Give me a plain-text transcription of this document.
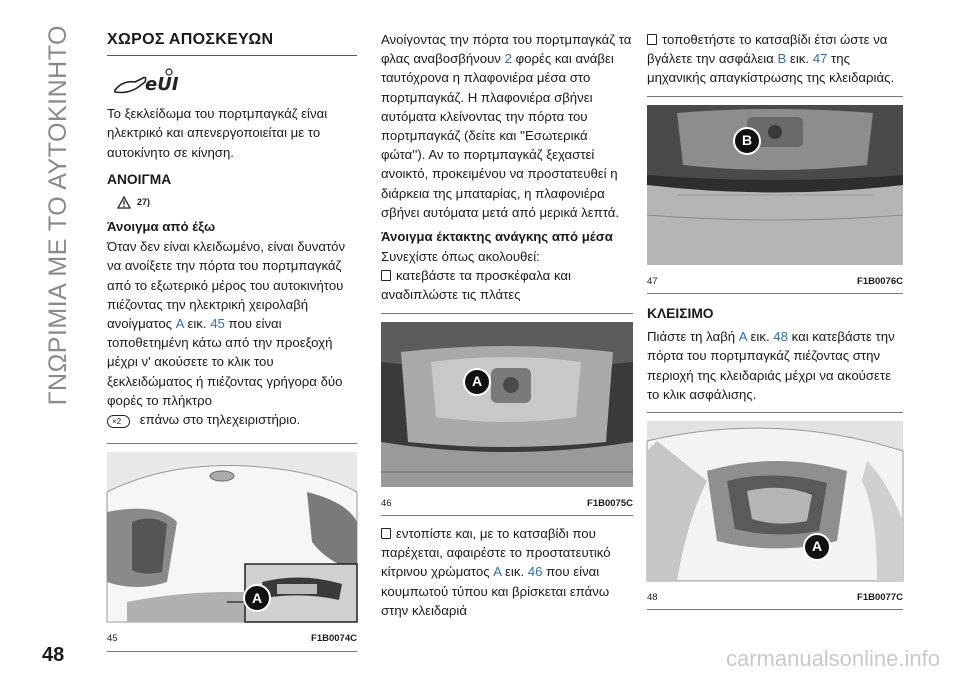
ΓΝΩΡΙΜΙΑ ΜΕ ΤΟ ΑΥΤΟΚΙΝΗΤΟ ΧΩΡΟΣ ΑΠΟΣΚΕΥΩΝ
eUI

Το ξεκλείδωμα του πορτμπαγκάζ είναι ηλεκτρικό και απενεργοποιείται με το αυτοκίνητο σε κίνηση.

ΑΝΟΙΓΜΑ
27)
Άνοιγμα από έξω

Όταν δεν είναι κλειδωμένο, είναι δυνατόν να ανοίξετε την πόρτα του πορτμπαγκάζ από το εξωτερικό μέρος του αυτοκινήτου πιέζοντας την ηλεκτρική χειρολαβή ανοίγματος A εικ. 45 που είναι τοποθετημένη κάτω από την προεξοχή μέχρι ν' ακούσετε το κλικ του ξεκλειδώματος ή πιέζοντας γρήγορα δύο φορές το πλήκτρο

×2 επάνω στο τηλεχειριστήριο.

A
45	F1B0074C

Ανοίγοντας την πόρτα του πορτμπαγκάζ τα φλας αναβοσβήνουν 2 φορές και ανάβει ταυτόχρονα η πλαφονιέρα μέσα στο πορτμπαγκάζ. Η πλαφονιέρα σβήνει αυτόματα κλείνοντας την πόρτα του πορτμπαγκάζ (δείτε και ''Εσωτερικά φώτα''). Αν το πορτμπαγκάζ ξεχαστεί ανοικτό, προκειμένου να προστατευθεί η διάρκεια της μπαταρίας, η πλαφονιέρα σβήνει αυτόματα μετά από μερικά λεπτά.

Άνοιγμα έκτακτης ανάγκης από μέσα

Συνεχίστε όπως ακολουθεί:

κατεβάστε τα προσκέφαλα και αναδιπλώστε τις πλάτες

A
46	F1B0075C

εντοπίστε και, με το κατσαβίδι που παρέχεται, αφαιρέστε το προστατευτικό κίτρινου χρώματος A εικ. 46 που είναι κουμπωτού τύπου και βρίσκεται επάνω στην κλειδαριά

τοποθετήστε το κατσαβίδι έτσι ώστε να βγάλετε την ασφάλεια B εικ. 47 της μηχανικής απαγκίστρωσης της κλειδαριάς.

B
47	F1B0076C
ΚΛΕΙΣΙΜΟ

Πιάστε τη λαβή A εικ. 48 και κατεβάστε την πόρτα του πορτμπαγκάζ πιέζοντας στην περιοχή της κλειδαριάς μέχρι να ακούσετε το κλικ ασφάλισης.

A
48	F1B0077C
48	carmanualsonline.info
